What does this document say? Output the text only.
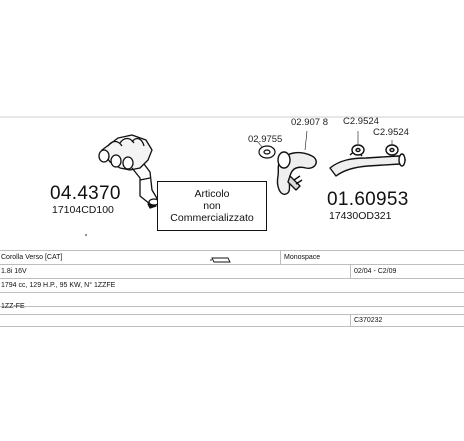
04.4370
17104CD100	01.60953
17430OD321
02.907 8
02.9755
C2.9524
C2.9524
Articolo
non
Commercializzato
Corolla Verso [CAT]	Monospace
1.8i 16V	02/04 - C2/09
1794 cc, 129 H.P., 95 KW, N° 1ZZFE
1ZZ-FE
C370232
